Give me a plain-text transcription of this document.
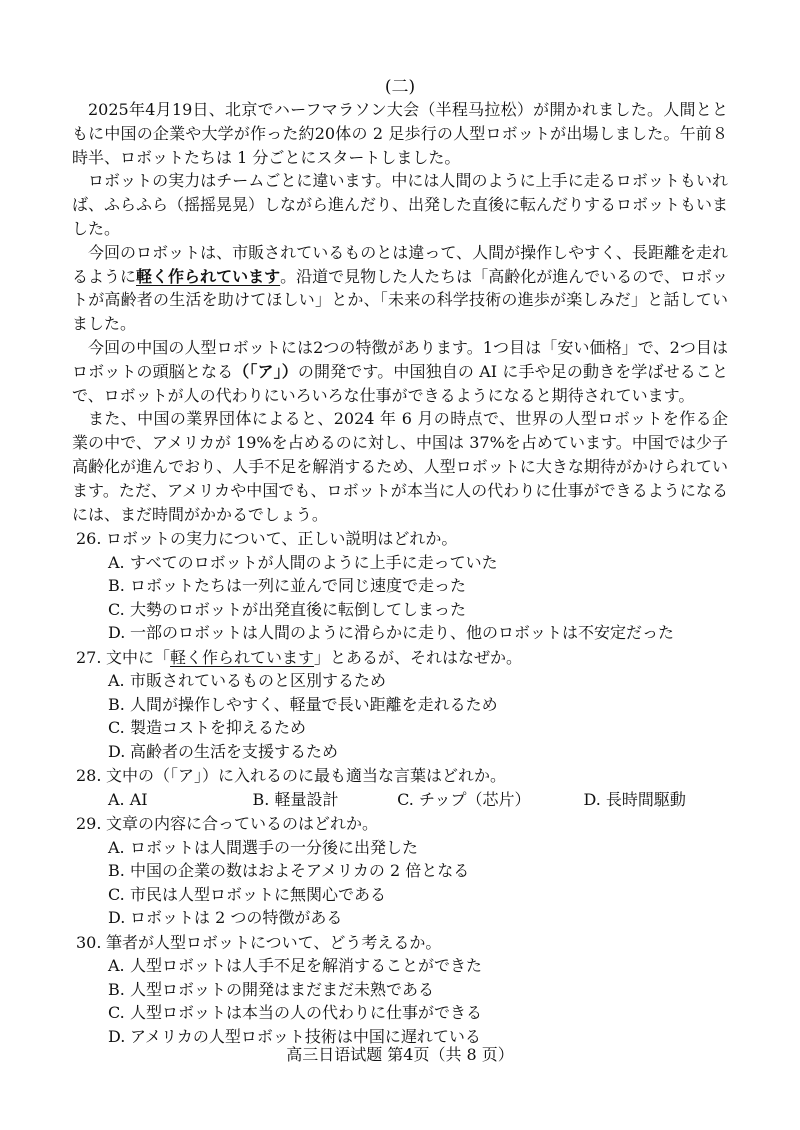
(二)

2025年4月19日、北京でハーフマラソン大会（半程马拉松）が開かれました。人間とともに中国の企業や大学が作った約20体の 2 足歩行の人型ロボットが出場しました。午前８時半、ロボットたちは 1 分ごとにスタートしました。

ロボットの実力はチームごとに違います。中には人間のように上手に走るロボットもいれば、ふらふら（摇摇晃晃）しながら進んだり、出発した直後に転んだりするロボットもいました。

今回のロボットは、市販されているものとは違って、人間が操作しやすく、長距離を走れるように軽く作られています。沿道で見物した人たちは「高齢化が進んでいるので、ロボットが高齢者の生活を助けてほしい」とか、「未来の科学技術の進歩が楽しみだ」と話していました。

今回の中国の人型ロボットには2つの特徴があります。1つ目は「安い価格」で、2つ目はロボットの頭脳となる（「ア」）の開発です。中国独自の AI に手や足の動きを学ばせることで、ロボットが人の代わりにいろいろな仕事ができるようになると期待されています。

また、中国の業界団体によると、2024 年 6 月の時点で、世界の人型ロボットを作る企業の中で、アメリカが 19%を占めるのに対し、中国は 37%を占めています。中国では少子高齢化が進んでおり、人手不足を解消するため、人型ロボットに大きな期待がかけられています。ただ、アメリカや中国でも、ロボットが本当に人の代わりに仕事ができるようになるには、まだ時間がかかるでしょう。

26. ロボットの実力について、正しい説明はどれか。
A. すべてのロボットが人間のように上手に走っていた
B. ロボットたちは一列に並んで同じ速度で走った
C. 大勢のロボットが出発直後に転倒してしまった
D. 一部のロボットは人間のように滑らかに走り、他のロボットは不安定だった
27. 文中に「軽く作られています」とあるが、それはなぜか。
A. 市販されているものと区別するため
B. 人間が操作しやすく、軽量で長い距離を走れるため
C. 製造コストを抑えるため
D. 高齢者の生活を支援するため
28. 文中の（「ア」）に入れるのに最も適当な言葉はどれか。
A. AI	B. 軽量設計	C. チップ（芯片）	D. 長時間駆動
29. 文章の内容に合っているのはどれか。
A. ロボットは人間選手の一分後に出発した
B. 中国の企業の数はおよそアメリカの 2 倍となる
C. 市民は人型ロボットに無関心である
D. ロボットは 2 つの特徴がある
30. 筆者が人型ロボットについて、どう考えるか。
A. 人型ロボットは人手不足を解消することができた
B. 人型ロボットの開発はまだまだ未熟である
C. 人型ロボットは本当の人の代わりに仕事ができる
D. アメリカの人型ロボット技術は中国に遅れている
高三日语试题 第4页（共 8 页）
